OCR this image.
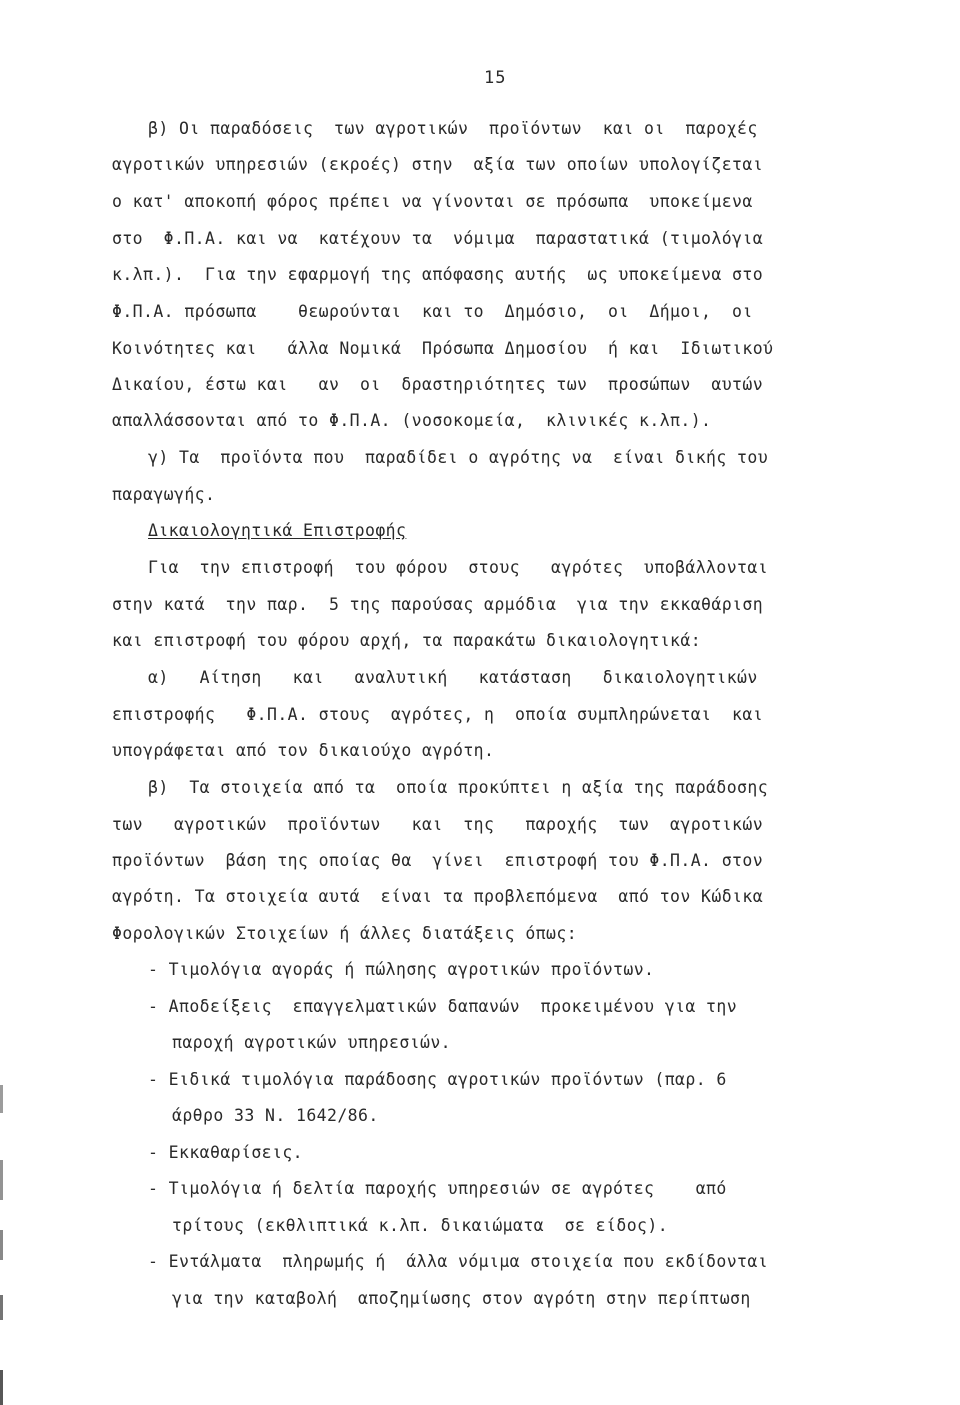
15
β) Οι παραδόσεις  των αγροτικών  προϊόντων  και οι  παροχές
αγροτικών υπηρεσιών (εκροές) στην  αξία των οποίων υπολογίζεται
ο κατ' αποκοπή φόρος πρέπει να γίνονται σε πρόσωπα  υποκείμενα
στο  Φ.Π.Α. και να  κατέχουν τα  νόμιμα  παραστατικά (τιμολόγια
κ.λπ.).  Για την εφαρμογή της απόφασης αυτής  ως υποκείμενα στο
Φ.Π.Α. πρόσωπα    θεωρούνται  και το  Δημόσιο,  οι  Δήμοι,  οι
Κοινότητες και   άλλα Νομικά  Πρόσωπα Δημοσίου  ή και  Ιδιωτικού
Δικαίου, έστω και   αν  οι  δραστηριότητες των  προσώπων  αυτών
απαλλάσσονται από το Φ.Π.Α. (νοσοκομεία,  κλινικές κ.λπ.).
γ) Τα  προϊόντα που  παραδίδει ο αγρότης να  είναι δικής του
παραγωγής.
Δικαιολογητικά Επιστροφής
Για  την επιστροφή  του φόρου  στους   αγρότες  υποβάλλονται
στην κατά  την παρ.  5 της παρούσας αρμόδια  για την εκκαθάριση
και επιστροφή του φόρου αρχή, τα παρακάτω δικαιολογητικά:
α)   Αίτηση   και   αναλυτική   κατάσταση   δικαιολογητικών
επιστροφής   Φ.Π.Α. στους  αγρότες, η  οποία συμπληρώνεται  και
υπογράφεται από τον δικαιούχο αγρότη.
β)  Τα στοιχεία από τα  οποία προκύπτει η αξία της παράδοσης
των   αγροτικών  προϊόντων   και  της   παροχής  των  αγροτικών
προϊόντων  βάση της οποίας θα  γίνει  επιστροφή του Φ.Π.Α. στον
αγρότη. Τα στοιχεία αυτά  είναι τα προβλεπόμενα  από τον Κώδικα
Φορολογικών Στοιχείων ή άλλες διατάξεις όπως:
- Τιμολόγια αγοράς ή πώλησης αγροτικών προϊόντων.
- Αποδείξεις  επαγγελματικών δαπανών  προκειμένου για την
παροχή αγροτικών υπηρεσιών.
- Ειδικά τιμολόγια παράδοσης αγροτικών προϊόντων (παρ. 6
άρθρο 33 Ν. 1642/86.
- Εκκαθαρίσεις.
- Τιμολόγια ή δελτία παροχής υπηρεσιών σε αγρότες    από
τρίτους (εκθλιπτικά κ.λπ. δικαιώματα  σε είδος).
- Εντάλματα  πληρωμής ή  άλλα νόμιμα στοιχεία που εκδίδονται
για την καταβολή  αποζημίωσης στον αγρότη στην περίπτωση
